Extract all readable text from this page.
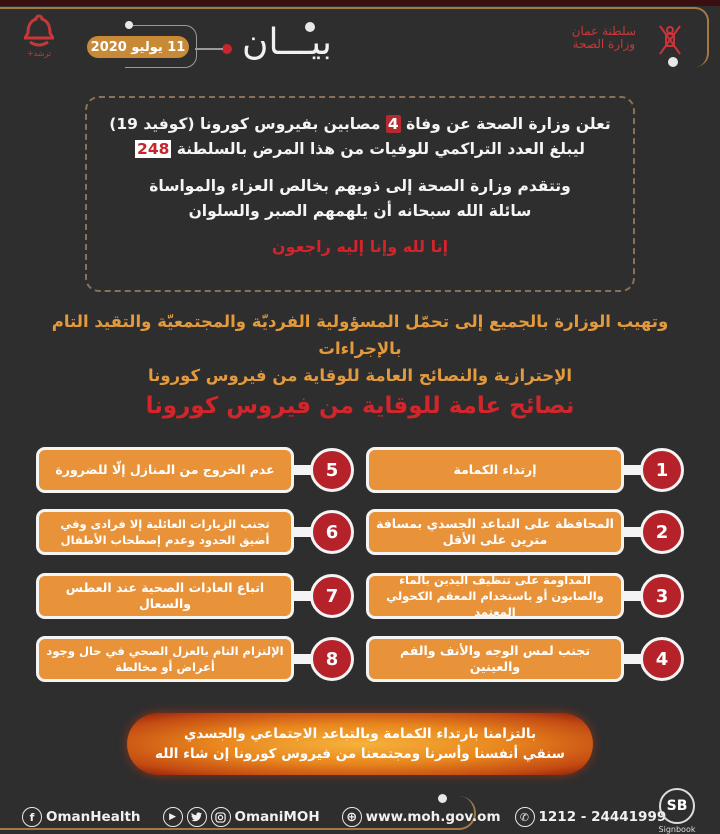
سلطنة عمان
وزارة الصحة
بيـــان
11 يوليو 2020
ترشد+

تعلن وزارة الصحة عن وفاة 4 مصابين بفيروس كورونا (كوفيد 19)

ليبلغ العدد التراكمي للوفيات من هذا المرض بالسلطنة 248

وتتقدم وزارة الصحة إلى ذويهم بخالص العزاء والمواساة

سائلة الله سبحانه أن يلهمهم الصبر والسلوان

إنا لله وإنا إليه راجعون

وتهيب الوزارة بالجميع إلى تحمّل المسؤولية الفرديّة والمجتمعيّة والتقيد التام بالإجراءات
الإحترازية والنصائح العامة للوقاية من فيروس كورونا
نصائح عامة للوقاية من فيروس كورونا
1
إرتداء الكمامة
2
المحافظة على التباعد الجسدي بمسافة مترين على الأقل
3
المداومة على تنظيف اليدين بالماء والصابون أو باستخدام المعقم الكحولي المعتمد
4
تجنب لمس الوجه والأنف والفم والعينين
5
عدم الخروج من المنازل إلّا للضرورة
6
تجنب الزيارات العائلية إلا فرادى وفي أضيق الحدود وعدم إصطحاب الأطفال
7
اتباع العادات الصحية عند العطس والسعال
8
الإلتزام التام بالعزل الصحي في حال وجود أعراض أو مخالطة
بالتزامنا بارتداء الكمامة وبالتباعد الاجتماعي والجسدي
سنقي أنفسنا وأسرنا ومجتمعنا من فيروس كورونا إن شاء الله
f OmanHealth	▶	OmaniMOH	⊕ www.moh.gov.om	✆ 1212 - 24441999
SB
Signbook
